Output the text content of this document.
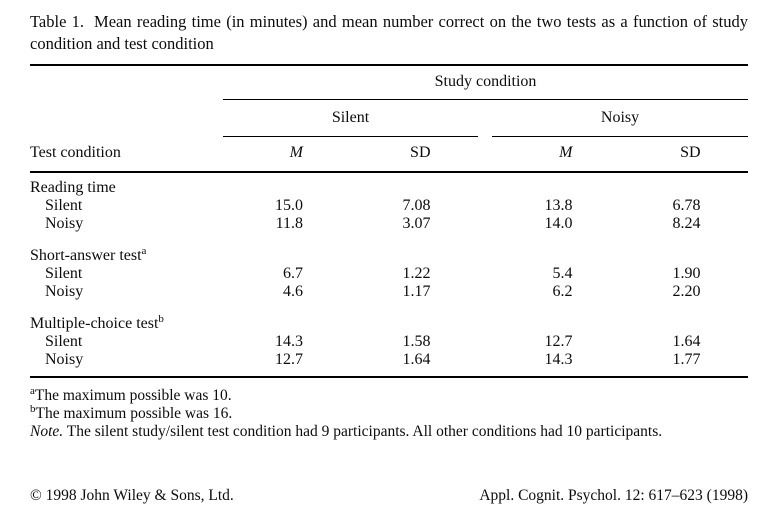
Table 1. Mean reading time (in minutes) and mean number correct on the two tests as a function of study condition and test condition
	Study condition				
	Silent			Noisy	
Test condition	M	SD		M	SD
Reading time					
Silent	15.0	7.08		13.8	6.78
Noisy	11.8	3.07		14.0	8.24
Short-answer test$^a$
Silent	6.7	1.22		5.4	1.90
Noisy	4.6	1.17		6.2	2.20
Multiple-choice test$^b$
Silent	14.3	1.58		12.7	1.64
Noisy	12.7	1.64		14.3	1.77
$^a$The maximum possible was 10.
$^b$The maximum possible was 16.
Note. The silent study/silent test condition had 9 participants. All other conditions had 10 participants.
© 1998 John Wiley & Sons, Ltd.	Appl. Cognit. Psychol. 12: 617–623 (1998)
